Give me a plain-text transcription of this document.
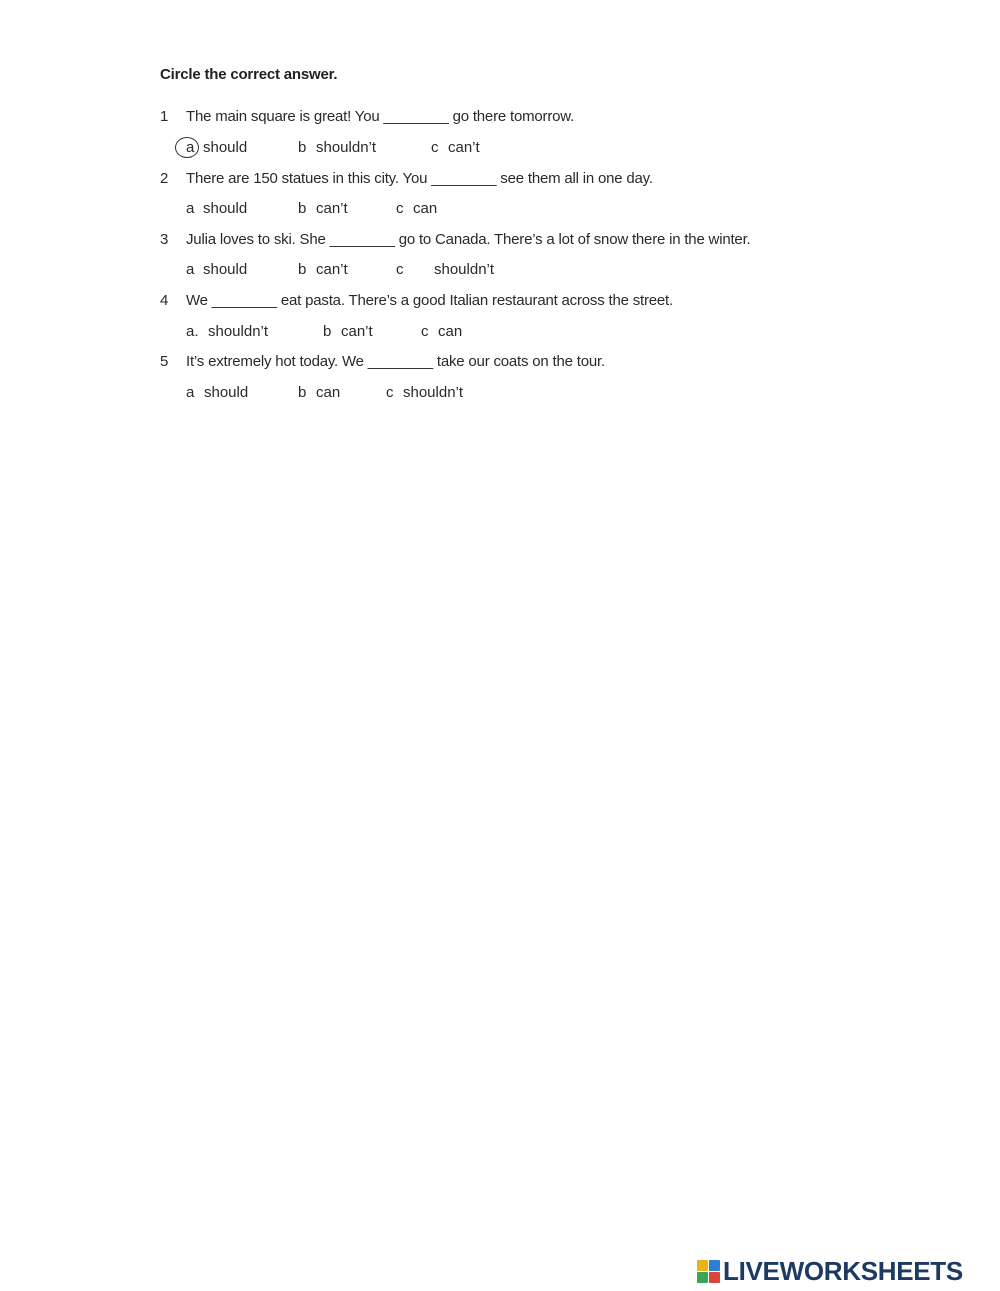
Circle the correct answer.
1 The main square is great! You ________ go there tomorrow.
a should	b shouldn’t	c can’t
2 There are 150 statues in this city. You ________ see them all in one day.
a should	b can’t	c can
3 Julia loves to ski. She ________ go to Canada. There’s a lot of snow there in the winter.
a should	b can’t	c shouldn’t
4 We ________ eat pasta. There’s a good Italian restaurant across the street.
a. shouldn’t	b can’t	c can
5 It’s extremely hot today. We ________ take our coats on the tour.
a should	b can	c shouldn’t
LIVEWORKSHEETS
